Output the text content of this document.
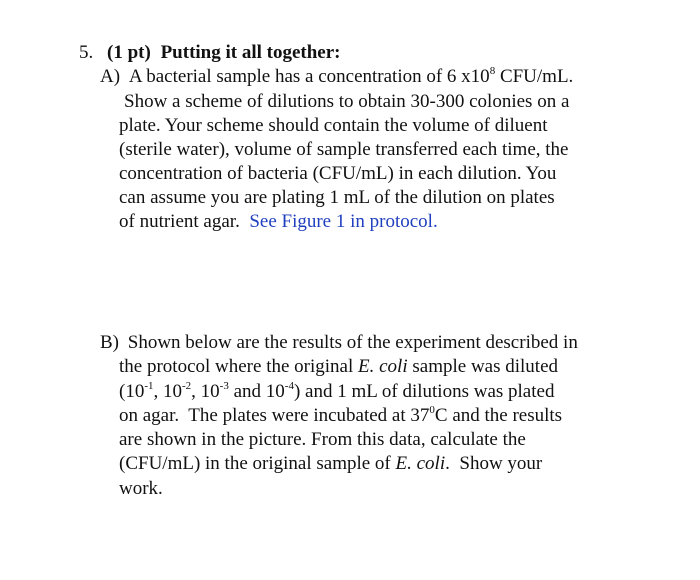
5. (1 pt) Putting it all together:
A) A bacterial sample has a concentration of 6 $x10^8$ CFU/mL.
Show a scheme of dilutions to obtain 30-300 colonies on a
plate. Your scheme should contain the volume of diluent
(sterile water), volume of sample transferred each time, the
concentration of bacteria (CFU/mL) in each dilution. You
can assume you are plating 1 mL of the dilution on plates
of nutrient agar.  See Figure 1 in protocol.
B) Shown below are the results of the experiment described in
the protocol where the original E. coli sample was diluted
($10^{-1}$, $10^{-2}$, $10^{-3}$ and $10^{-4}$) and 1 mL of dilutions was plated
on agar.  The plates were incubated at $37^0C$ and the results
are shown in the picture. From this data, calculate the
(CFU/mL) in the original sample of E. coli.  Show your
work.
